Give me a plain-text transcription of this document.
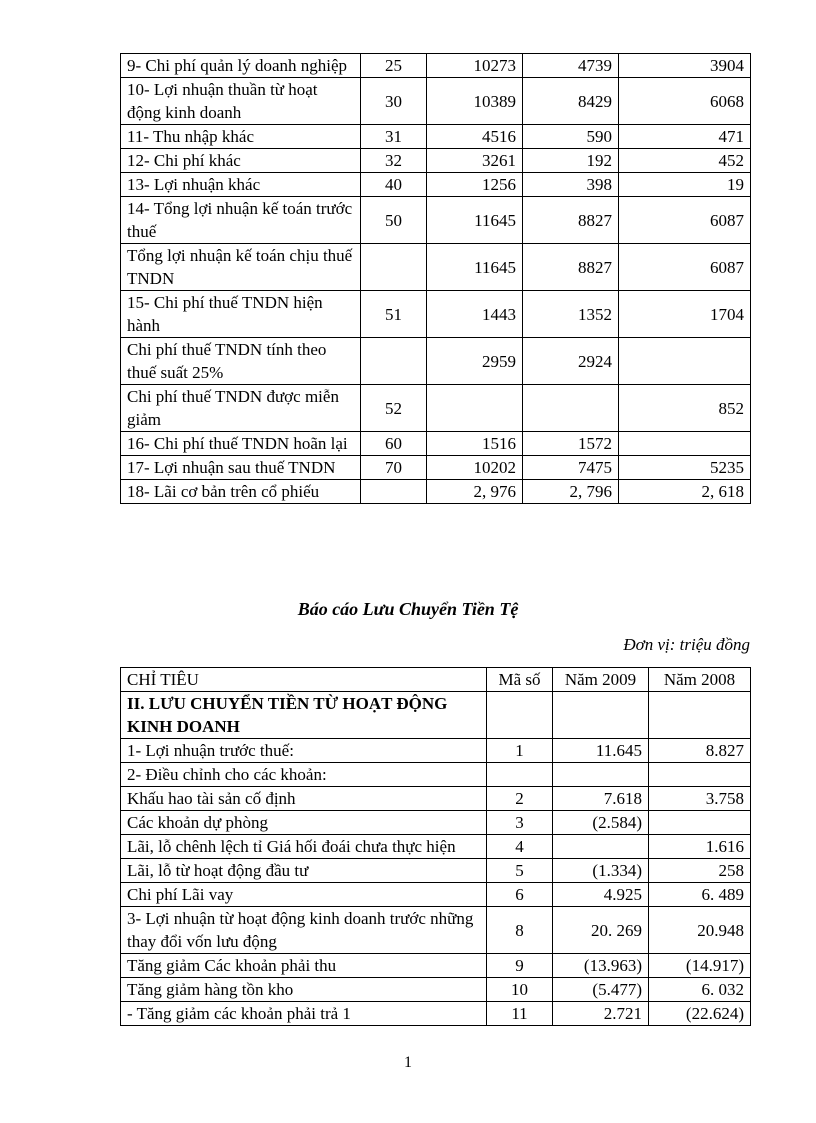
9- Chi phí quản lý doanh nghiệp	25	10273	4739	3904
10- Lợi nhuận thuần từ hoạt động kinh doanh	30	10389	8429	6068
11- Thu nhập khác	31	4516	590	471
12- Chi phí khác	32	3261	192	452
13- Lợi nhuận khác	40	1256	398	19
14- Tổng lợi nhuận kế toán trước thuế	50	11645	8827	6087
Tổng lợi nhuận kế toán chịu thuế TNDN		11645	8827	6087
15- Chi phí thuế TNDN hiện hành	51	1443	1352	1704
Chi phí thuế TNDN tính theo thuế suất 25%		2959	2924	
Chi phí thuế TNDN được miễn giảm	52			852
16- Chi phí thuế TNDN hoãn lại	60	1516	1572	
17- Lợi nhuận sau thuế TNDN	70	10202	7475	5235
18- Lãi cơ bản trên cổ phiếu		2, 976	2, 796	2, 618
Báo cáo Lưu Chuyển Tiền Tệ
Đơn vị: triệu đồng
CHỈ TIÊU	Mã số	Năm 2009	Năm 2008
II. LƯU CHUYỂN TIỀN TỪ HOẠT ĐỘNG KINH DOANH			
1- Lợi nhuận trước thuế:	1	11.645	8.827
2- Điều chỉnh cho các khoản:			
Khấu hao tài sản cố định	2	7.618	3.758
Các khoản dự phòng	3	(2.584)	
Lãi, lỗ chênh lệch tỉ Giá hối đoái chưa thực hiện	4		1.616
Lãi, lỗ từ hoạt động đầu tư	5	(1.334)	258
Chi phí Lãi vay	6	4.925	6. 489
3- Lợi nhuận từ hoạt động kinh doanh trước những thay đổi vốn lưu động	8	20. 269	20.948
Tăng giảm Các khoản phải thu	9	(13.963)	(14.917)
Tăng giảm hàng tồn kho	10	(5.477)	6. 032
- Tăng giảm các khoản phải trả 1	11	2.721	(22.624)
1
